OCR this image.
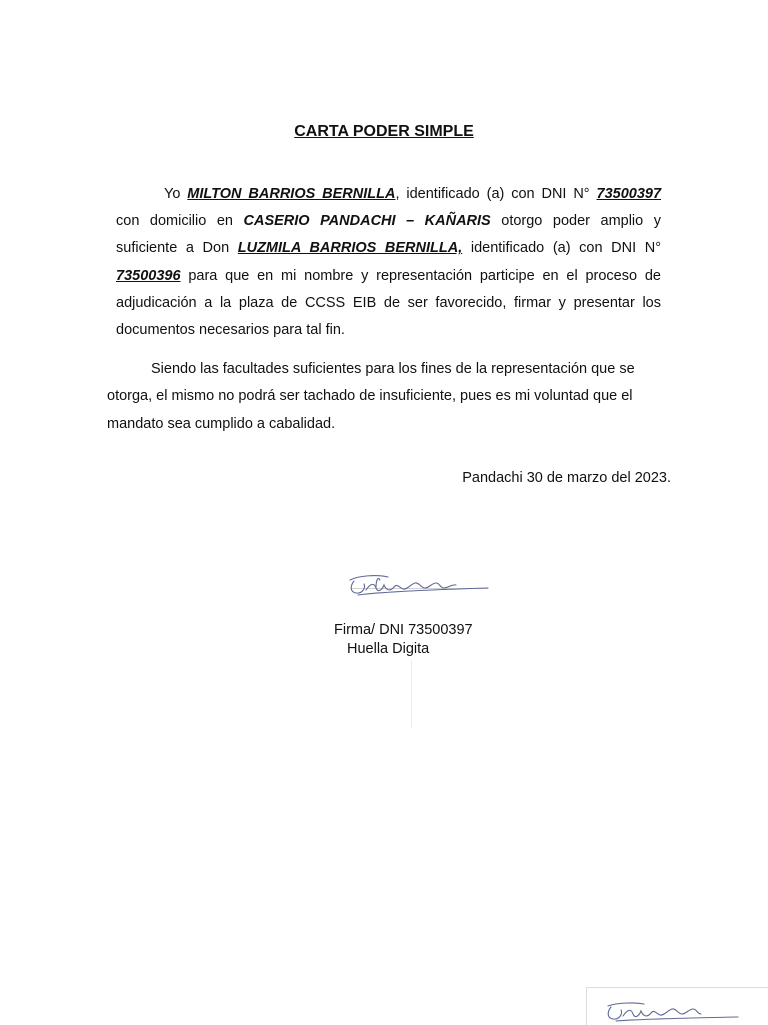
CARTA PODER SIMPLE

Yo MILTON BARRIOS BERNILLA, identificado (a) con DNI N° 73500397 con domicilio en CASERIO PANDACHI – KAÑARIS otorgo poder amplio y suficiente a Don LUZMILA BARRIOS BERNILLA, identificado (a) con DNI N° 73500396 para que en mi nombre y representación participe en el proceso de adjudicación a la plaza de CCSS EIB de ser favorecido, firmar y presentar los documentos necesarios para tal fin.

Siendo las facultades suficientes para los fines de la representación que se otorga, el mismo no podrá ser tachado de insuficiente, pues es mi voluntad que el mandato sea cumplido a cabalidad.

Pandachi 30 de marzo del 2023.

Firma/ DNI 73500397

Huella Digita
